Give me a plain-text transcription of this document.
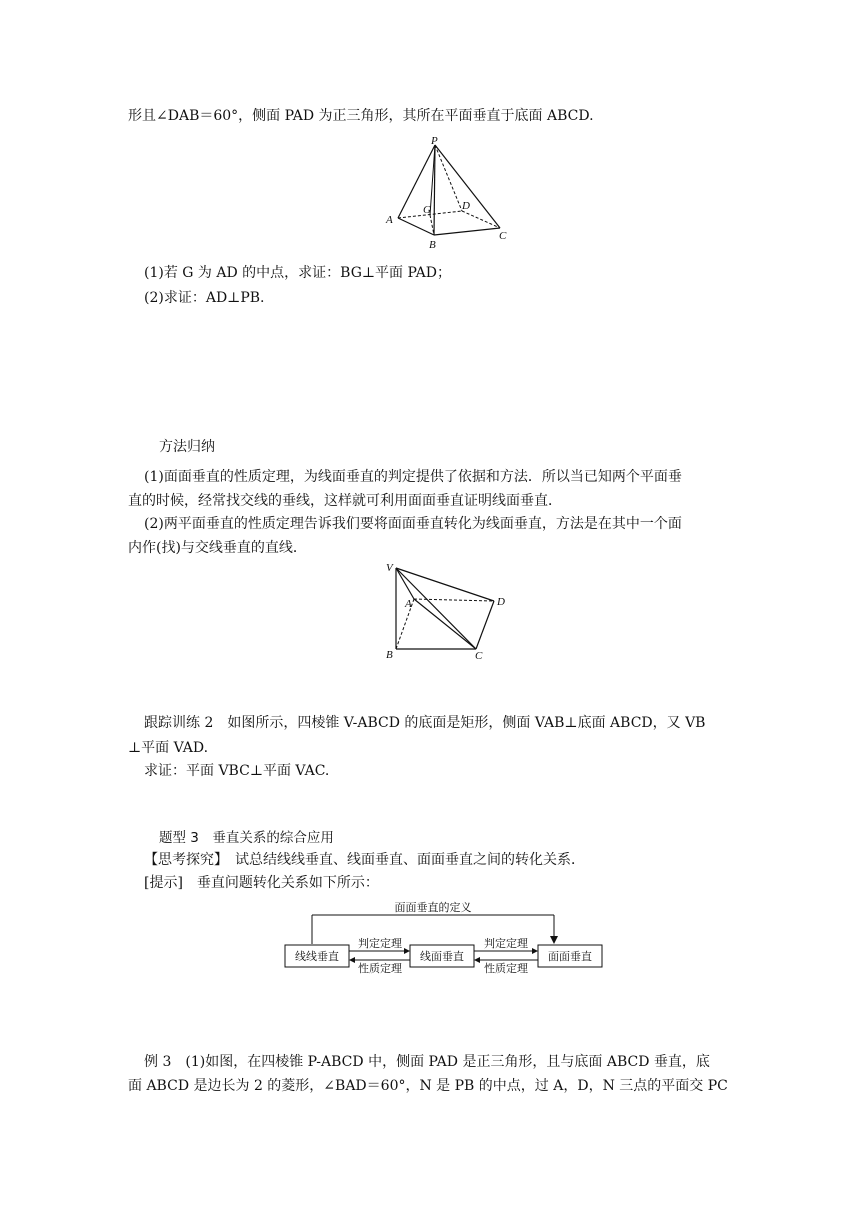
形且∠DAB＝60°，侧面 PAD 为正三角形，其所在平面垂直于底面 ABCD.
P
A
B
C
D
G
(1)若 G 为 AD 的中点，求证：BG⊥平面 PAD；
(2)求证：AD⊥PB.
方法归纳
(1)面面垂直的性质定理，为线面垂直的判定提供了依据和方法．所以当已知两个平面垂
直的时候，经常找交线的垂线，这样就可利用面面垂直证明线面垂直．
(2)两平面垂直的性质定理告诉我们要将面面垂直转化为线面垂直，方法是在其中一个面
内作(找)与交线垂直的直线．
V
A
B	C
D
跟踪训练 2　如图所示，四棱锥 V-ABCD 的底面是矩形，侧面 VAB⊥底面 ABCD，又 VB
⊥平面 VAD.
求证：平面 VBC⊥平面 VAC.
题型 3　垂直关系的综合应用
【思考探究】　试总结线线垂直、线面垂直、面面垂直之间的转化关系．
[提示]　垂直问题转化关系如下所示：
面面垂直的定义
线线垂直	线面垂直	面面垂直
判定定理
性质定理
判定定理
性质定理
例 3　(1)如图，在四棱锥 P-ABCD 中，侧面 PAD 是正三角形，且与底面 ABCD 垂直，底
面 ABCD 是边长为 2 的菱形，∠BAD＝60°，N 是 PB 的中点，过 A，D，N 三点的平面交 PC
